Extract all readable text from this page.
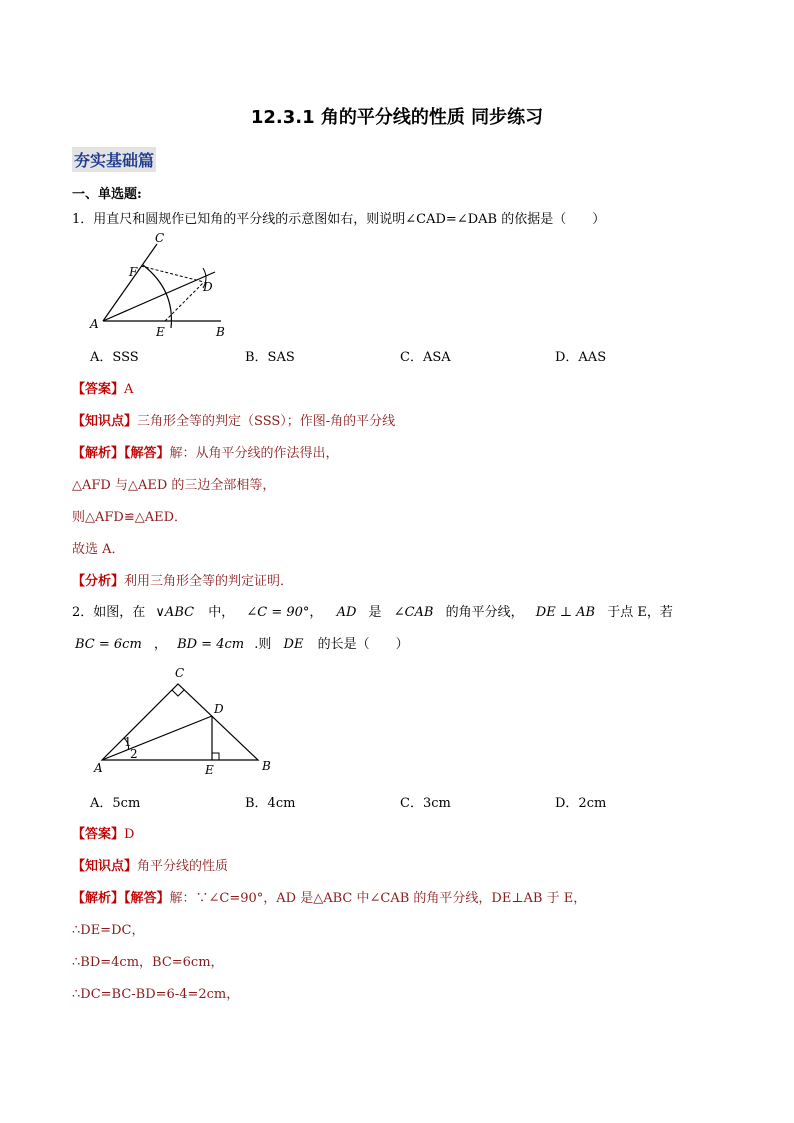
12.3.1 角的平分线的性质 同步练习
夯实基础篇
一、单选题:
1．用直尺和圆规作已知角的平分线的示意图如右，则说明∠CAD=∠DAB 的依据是（　　）
C
F
D
A
E	B
A．SSS	B．SAS	C．ASA	D．AAS
【答案】A
【知识点】三角形全等的判定（SSS）；作图-角的平分线
【解析】【解答】解：从角平分线的作法得出，
△AFD 与△AED 的三边全部相等，
则△AFD≌△AED．
故选 A．
【分析】利用三角形全等的判定证明．
2．如图，在 ∨ABC 中， ∠C = 90°， AD 是 ∠CAB 的角平分线， DE ⊥ AB 于点 E，若
BC = 6cm ， BD = 4cm .则 DE 的长是（　　）
C
D
A	E	B
1
2
A．5cm	B．4cm	C．3cm	D．2cm
【答案】D
【知识点】角平分线的性质
【解析】【解答】解：∵∠C=90°，AD 是△ABC 中∠CAB 的角平分线，DE⊥AB 于 E，
∴DE=DC，
∴BD=4cm，BC=6cm，
∴DC=BC-BD=6-4=2cm，
